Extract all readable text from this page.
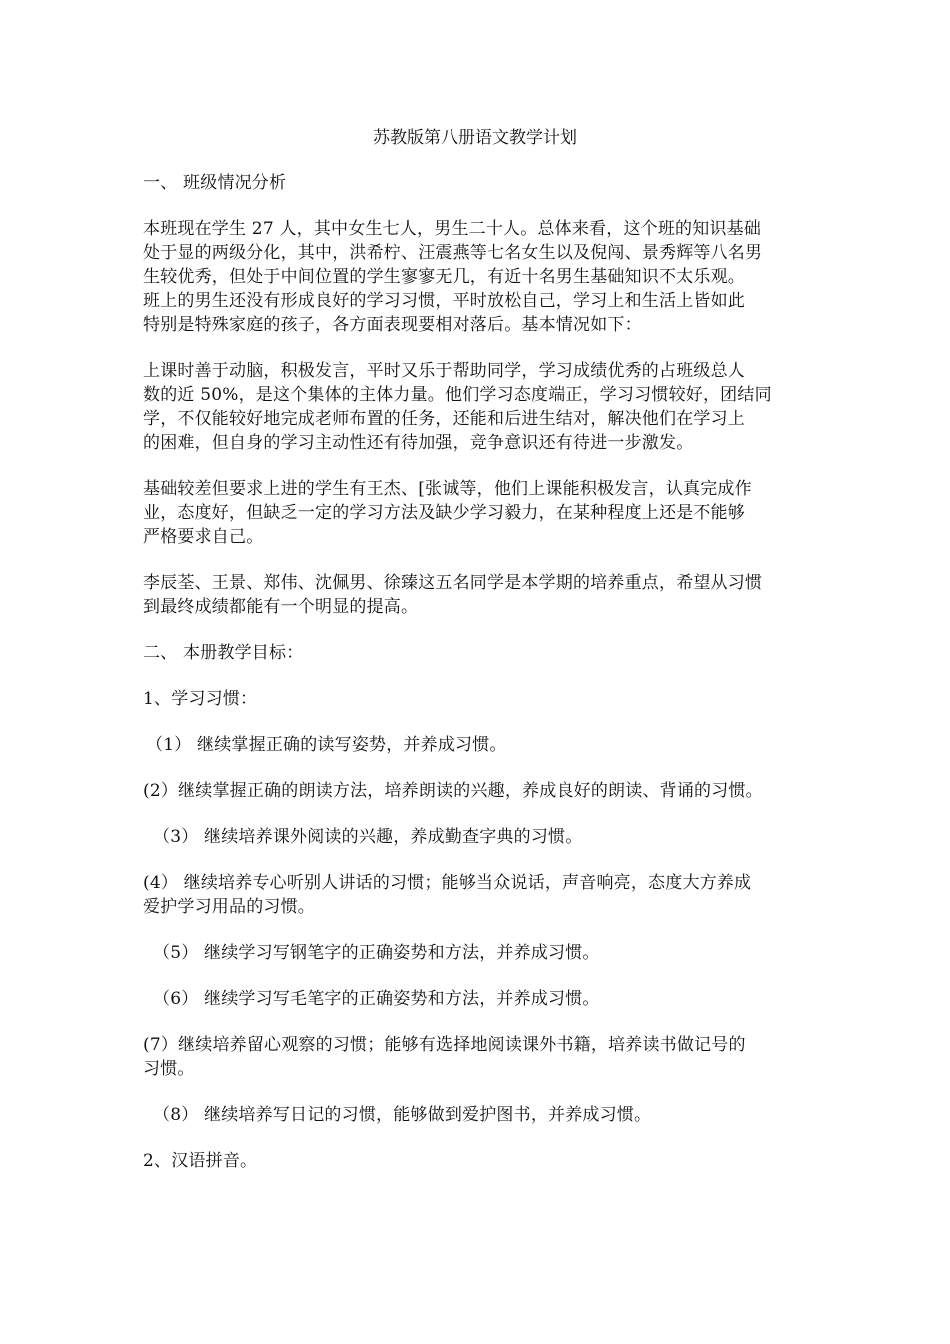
苏教版第八册语文教学计划
一、 班级情况分析
本班现在学生 27 人，其中女生七人，男生二十人。总体来看，这个班的知识基础
处于显的两级分化，其中，洪希柠、汪震燕等七名女生以及倪闯、景秀辉等八名男
生较优秀，但处于中间位置的学生寥寥无几，有近十名男生基础知识不太乐观。
班上的男生还没有形成良好的学习习惯，平时放松自己，学习上和生活上皆如此
特别是特殊家庭的孩子，各方面表现要相对落后。基本情况如下：
上课时善于动脑，积极发言，平时又乐于帮助同学，学习成绩优秀的占班级总人
数的近 50%，是这个集体的主体力量。他们学习态度端正，学习习惯较好，团结同
学，不仅能较好地完成老师布置的任务，还能和后进生结对，解决他们在学习上
的困难，但自身的学习主动性还有待加强，竞争意识还有待进一步激发。
基础较差但要求上进的学生有王杰、[张诚等，他们上课能积极发言，认真完成作
业，态度好，但缺乏一定的学习方法及缺少学习毅力，在某种程度上还是不能够
严格要求自己。
李辰荃、王景、郑伟、沈佩男、徐臻这五名同学是本学期的培养重点，希望从习惯
到最终成绩都能有一个明显的提高。
二、 本册教学目标：
1、学习习惯：
（1） 继续掌握正确的读写姿势，并养成习惯。
(2）继续掌握正确的朗读方法，培养朗读的兴趣，养成良好的朗读、背诵的习惯。
（3） 继续培养课外阅读的兴趣，养成勤查字典的习惯。
(4） 继续培养专心听别人讲话的习惯；能够当众说话，声音响亮，态度大方养成
爱护学习用品的习惯。
（5） 继续学习写钢笔字的正确姿势和方法，并养成习惯。
（6） 继续学习写毛笔字的正确姿势和方法，并养成习惯。
(7）继续培养留心观察的习惯；能够有选择地阅读课外书籍，培养读书做记号的
习惯。
（8） 继续培养写日记的习惯，能够做到爱护图书，并养成习惯。
2、汉语拼音。
